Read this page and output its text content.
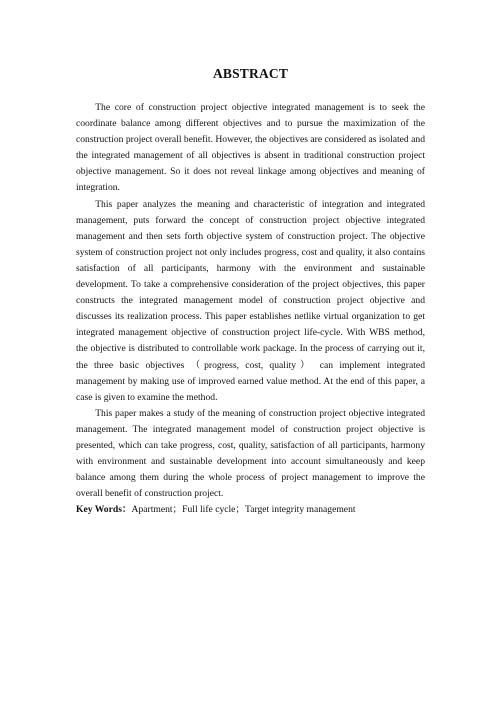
ABSTRACT

The core of construction project objective integrated management is to seek the coordinate balance among different objectives and to pursue the maximization of the construction project overall benefit. However, the objectives are considered as isolated and the integrated management of all objectives is absent in traditional construction project objective management. So it does not reveal linkage among objectives and meaning of integration.

This paper analyzes the meaning and characteristic of integration and integrated management, puts forward the concept of construction project objective integrated management and then sets forth objective system of construction project. The objective system of construction project not only includes progress, cost and quality, it also contains satisfaction of all participants, harmony with the environment and sustainable development. To take a comprehensive consideration of the project objectives, this paper constructs the integrated management model of construction project objective and discusses its realization process. This paper establishes netlike virtual organization to get integrated management objective of construction project life-cycle. With WBS method, the objective is distributed to controllable work package. In the process of carrying out it, the three basic objectives （progress, cost, quality） can implement integrated management by making use of improved earned value method. At the end of this paper, a case is given to examine the method.

This paper makes a study of the meaning of construction project objective integrated management. The integrated management model of construction project objective is presented, which can take progress, cost, quality, satisfaction of all participants, harmony with environment and sustainable development into account simultaneously and keep balance among them during the whole process of project management to improve the overall benefit of construction project.

Key Words：Apartment；Full life cycle；Target integrity management
